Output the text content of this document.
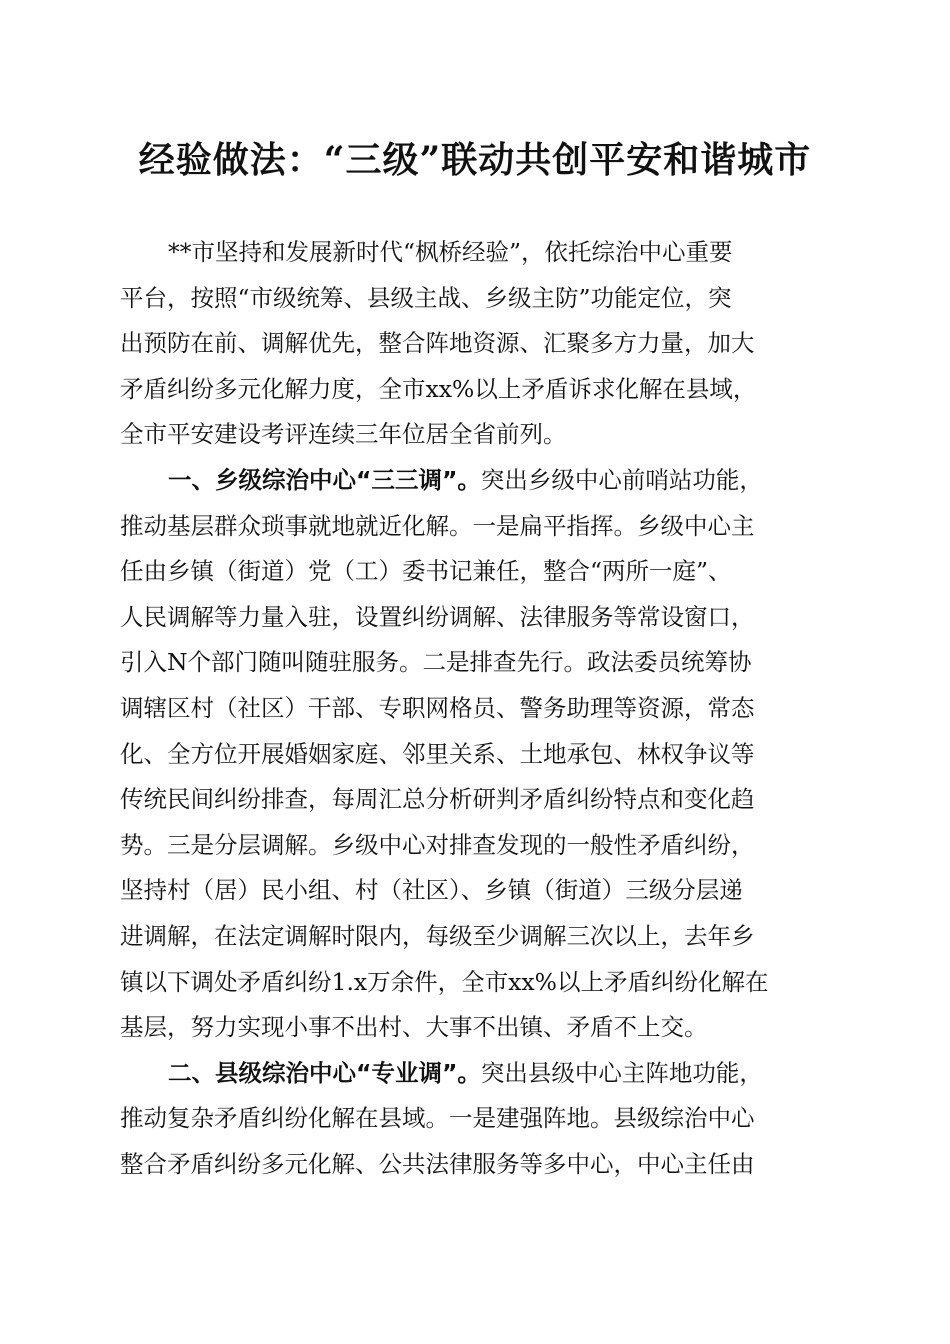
经验做法：“三级”联动共创平安和谐城市
**市坚持和发展新时代“枫桥经验”，依托综治中心重要
平台，按照“市级统筹、县级主战、乡级主防”功能定位，突
出预防在前、调解优先，整合阵地资源、汇聚多方力量，加大
矛盾纠纷多元化解力度，全市xx%以上矛盾诉求化解在县域，
全市平安建设考评连续三年位居全省前列。
一、乡级综治中心“三三调”。突出乡级中心前哨站功能，
推动基层群众琐事就地就近化解。一是扁平指挥。乡级中心主
任由乡镇（街道）党（工）委书记兼任，整合“两所一庭”、
人民调解等力量入驻，设置纠纷调解、法律服务等常设窗口，
引入N个部门随叫随驻服务。二是排查先行。政法委员统筹协
调辖区村（社区）干部、专职网格员、警务助理等资源，常态
化、全方位开展婚姻家庭、邻里关系、土地承包、林权争议等
传统民间纠纷排查，每周汇总分析研判矛盾纠纷特点和变化趋
势。三是分层调解。乡级中心对排查发现的一般性矛盾纠纷，
坚持村（居）民小组、村（社区）、乡镇（街道）三级分层递
进调解，在法定调解时限内，每级至少调解三次以上，去年乡
镇以下调处矛盾纠纷1.x万余件，全市xx%以上矛盾纠纷化解在
基层，努力实现小事不出村、大事不出镇、矛盾不上交。
二、县级综治中心“专业调”。突出县级中心主阵地功能，
推动复杂矛盾纠纷化解在县域。一是建强阵地。县级综治中心
整合矛盾纠纷多元化解、公共法律服务等多中心，中心主任由
